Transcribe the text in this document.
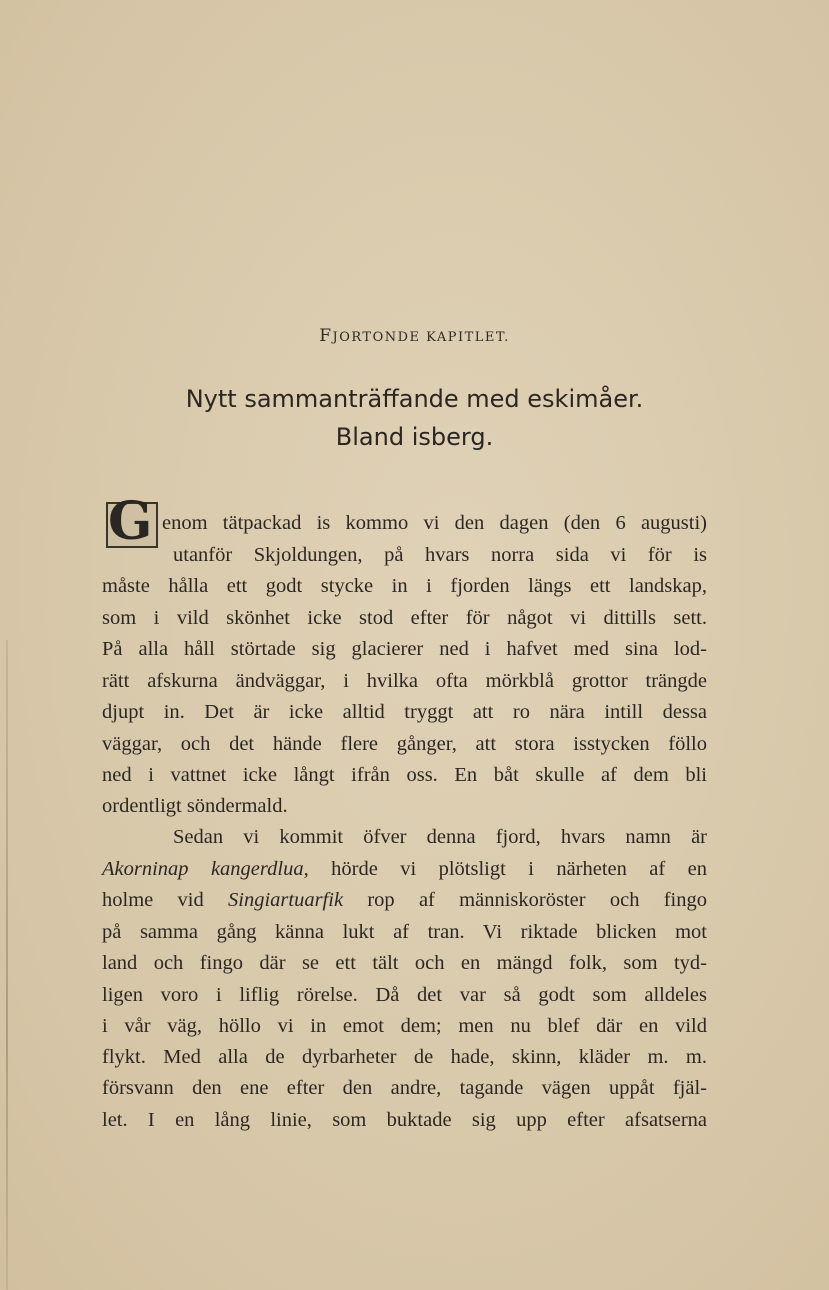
FJORTONDE KAPITLET.
Nytt sammanträffande med eskimåer.
Bland isberg.
G enom tätpackad is kommo vi den dagen (den 6 augusti)
utanför Skjoldungen, på hvars norra sida vi för is
måste hålla ett godt stycke in i fjorden längs ett landskap,
som i vild skönhet icke stod efter för något vi dittills sett.
På alla håll störtade sig glacierer ned i hafvet med sina lod-
rätt afskurna ändväggar, i hvilka ofta mörkblå grottor trängde
djupt in. Det är icke alltid tryggt att ro nära intill dessa
väggar, och det hände flere gånger, att stora isstycken föllo
ned i vattnet icke långt ifrån oss. En båt skulle af dem bli
ordentligt söndermald.
Sedan vi kommit öfver denna fjord, hvars namn är
Akorninap kangerdlua, hörde vi plötsligt i närheten af en
holme vid Singiartuarfik rop af människoröster och fingo
på samma gång känna lukt af tran. Vi riktade blicken mot
land och fingo där se ett tält och en mängd folk, som tyd-
ligen voro i liflig rörelse. Då det var så godt som alldeles
i vår väg, höllo vi in emot dem; men nu blef där en vild
flykt. Med alla de dyrbarheter de hade, skinn, kläder m. m.
försvann den ene efter den andre, tagande vägen uppåt fjäl-
let. I en lång linie, som buktade sig upp efter afsatserna
